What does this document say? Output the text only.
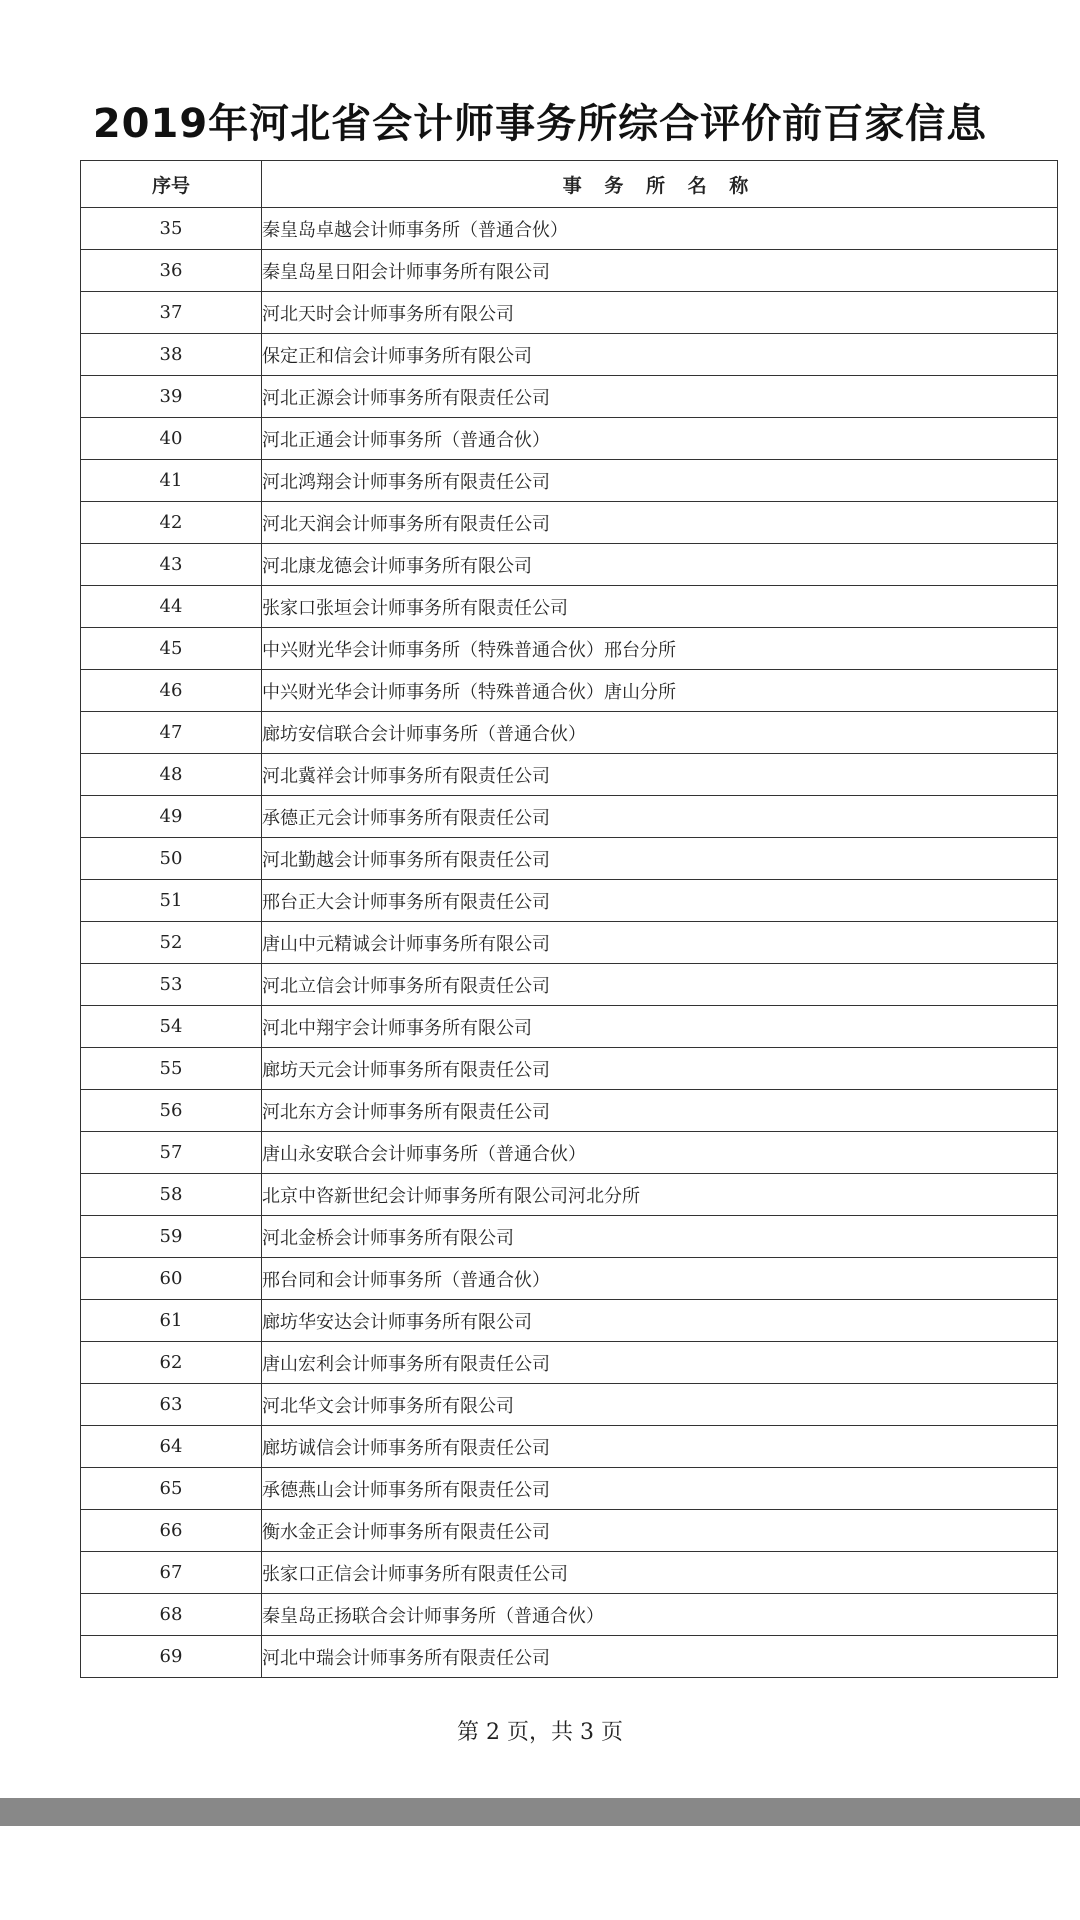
2019年河北省会计师事务所综合评价前百家信息
序号	事 务 所 名 称
35	秦皇岛卓越会计师事务所（普通合伙）
36	秦皇岛星日阳会计师事务所有限公司
37	河北天时会计师事务所有限公司
38	保定正和信会计师事务所有限公司
39	河北正源会计师事务所有限责任公司
40	河北正通会计师事务所（普通合伙）
41	河北鸿翔会计师事务所有限责任公司
42	河北天润会计师事务所有限责任公司
43	河北康龙德会计师事务所有限公司
44	张家口张垣会计师事务所有限责任公司
45	中兴财光华会计师事务所（特殊普通合伙）邢台分所
46	中兴财光华会计师事务所（特殊普通合伙）唐山分所
47	廊坊安信联合会计师事务所（普通合伙）
48	河北冀祥会计师事务所有限责任公司
49	承德正元会计师事务所有限责任公司
50	河北勤越会计师事务所有限责任公司
51	邢台正大会计师事务所有限责任公司
52	唐山中元精诚会计师事务所有限公司
53	河北立信会计师事务所有限责任公司
54	河北中翔宇会计师事务所有限公司
55	廊坊天元会计师事务所有限责任公司
56	河北东方会计师事务所有限责任公司
57	唐山永安联合会计师事务所（普通合伙）
58	北京中咨新世纪会计师事务所有限公司河北分所
59	河北金桥会计师事务所有限公司
60	邢台同和会计师事务所（普通合伙）
61	廊坊华安达会计师事务所有限公司
62	唐山宏利会计师事务所有限责任公司
63	河北华文会计师事务所有限公司
64	廊坊诚信会计师事务所有限责任公司
65	承德燕山会计师事务所有限责任公司
66	衡水金正会计师事务所有限责任公司
67	张家口正信会计师事务所有限责任公司
68	秦皇岛正扬联合会计师事务所（普通合伙）
69	河北中瑞会计师事务所有限责任公司
第 2 页，共 3 页
